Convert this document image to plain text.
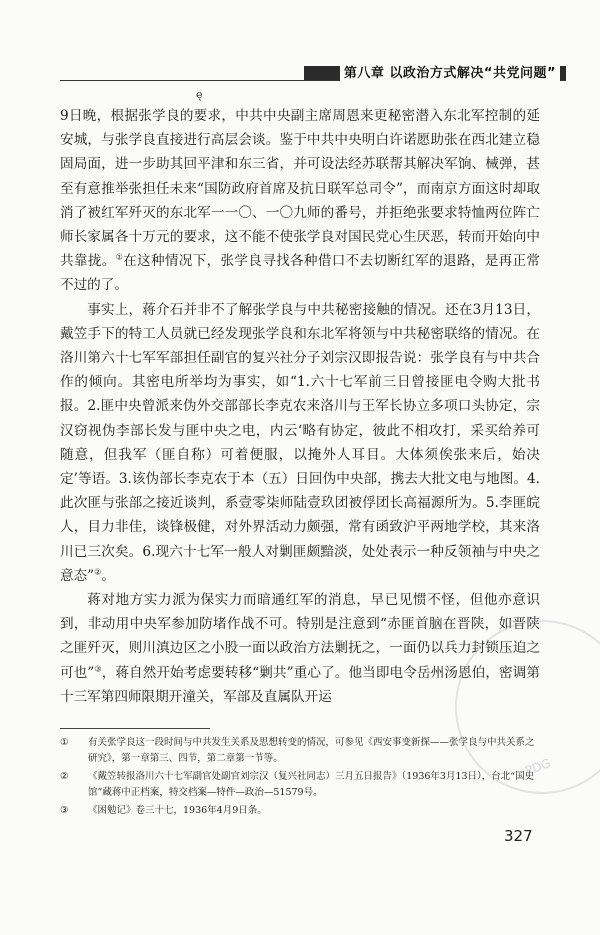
第八章 以政治方式解决“共党问题”
ę

9日晚，根据张学良的要求，中共中央副主席周恩来更秘密潜入东北军控制的延安城，与张学良直接进行高层会谈。鉴于中共中央明白许诺愿助张在西北建立稳固局面，进一步助其回平津和东三省，并可设法经苏联帮其解决军饷、械弹，甚至有意推举张担任未来“国防政府首席及抗日联军总司令”，而南京方面这时却取消了被红军歼灭的东北军一一〇、一〇九师的番号，并拒绝张要求特恤两位阵亡师长家属各十万元的要求，这不能不使张学良对国民党心生厌恶，转而开始向中共靠拢。①在这种情况下，张学良寻找各种借口不去切断红军的退路，是再正常不过的了。

事实上，蒋介石并非不了解张学良与中共秘密接触的情况。还在3月13日，戴笠手下的特工人员就已经发现张学良和东北军将领与中共秘密联络的情况。在洛川第六十七军军部担任副官的复兴社分子刘宗汉即报告说：张学良有与中共合作的倾向。其密电所举均为事实，如“1.六十七军前三日曾接匪电令购大批书报。2.匪中央曾派来伪外交部部长李克农来洛川与王军长协立多项口头协定，宗汉窃视伪李部长发与匪中央之电，内云‘略有协定，彼此不相攻打，采买给养可随意，但我军（匪自称）可着便服，以掩外人耳目。大体须俟张来后，始决定’等语。3.该伪部长李克农于本（五）日回伪中央部，携去大批文电与地图。4.此次匪与张部之接近谈判，系壹零柒师陆壹玖团被俘团长高福源所为。5.李匪皖人，目力非佳，谈锋极健，对外界活动力颇强，常有函致沪平两地学校，其来洛川已三次矣。6.现六十七军一般人对剿匪颇黯淡，处处表示一种反领袖与中央之意态”②。

蒋对地方实力派为保实力而暗通红军的消息，早已见惯不怪，但他亦意识到，非动用中央军参加防堵作战不可。特别是注意到“赤匪首脑在晋陕，如晋陕之匪歼灭，则川滇边区之小股一面以政治方法剿抚之，一面仍以兵力封锁压迫之可也”③，蒋自然开始考虑要转移“剿共”重心了。他当即电令岳州汤恩伯，密调第十三军第四师限期开潼关，军部及直属队开运

①	有关张学良这一段时间与中共发生关系及思想转变的情况，可参见《西安事变新探——张学良与中共关系之研究》，第一章第三、四节，第二章第一节等。
②	《戴笠转报洛川六十七军副官处副官刘宗汉（复兴社同志）三月五日报告》（1936年3月13日），台北“国史馆”藏蒋中正档案，特交档案—特件—政治—51579号。
③	《困勉记》卷三十七，1936年4月9日条。
PDG
327
